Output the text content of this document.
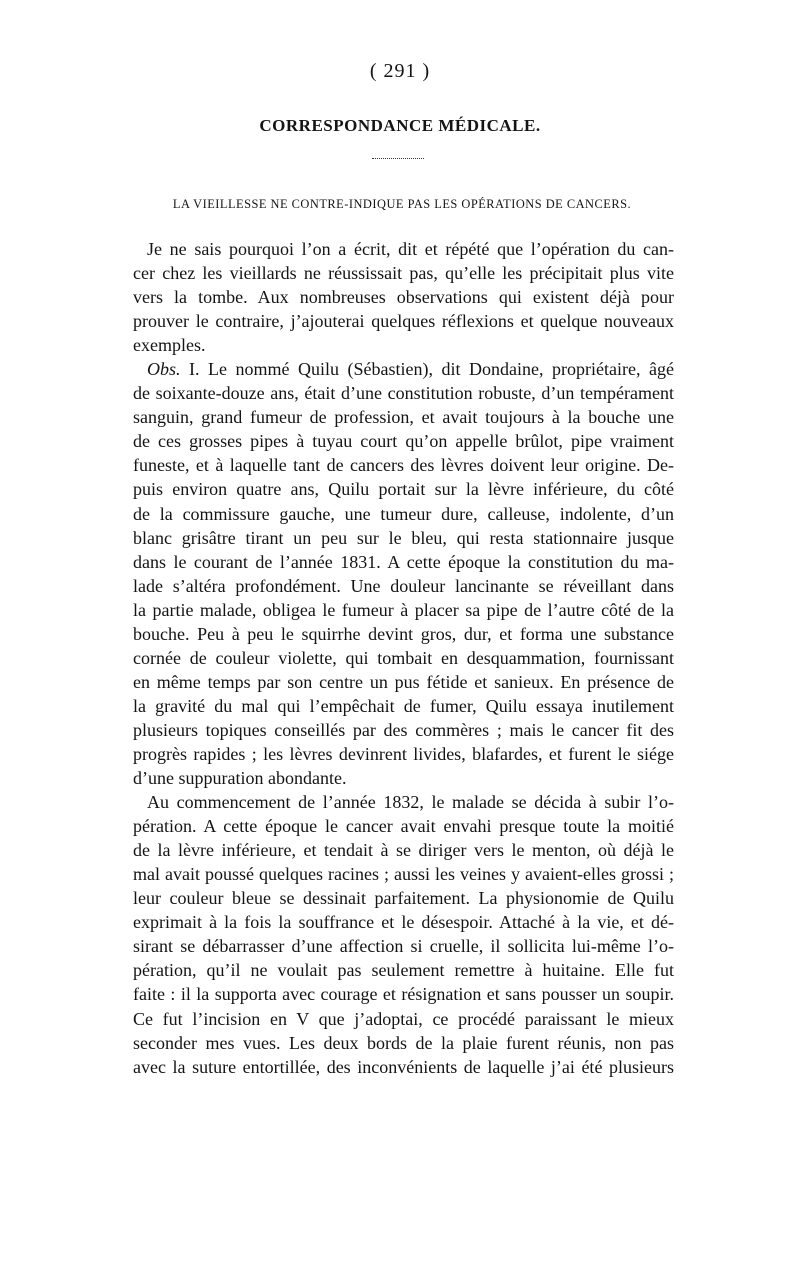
( 291 )
CORRESPONDANCE MÉDICALE.
LA VIEILLESSE NE CONTRE-INDIQUE PAS LES OPÉRATIONS DE CANCERS.
Je ne sais pourquoi l’on a écrit, dit et répété que l’opération du can-
cer chez les vieillards ne réussissait pas, qu’elle les précipitait plus vite
vers la tombe. Aux nombreuses observations qui existent déjà pour
prouver le contraire, j’ajouterai quelques réflexions et quelque nouveaux
exemples.
Obs. I. Le nommé Quilu (Sébastien), dit Dondaine, propriétaire, âgé
de soixante-douze ans, était d’une constitution robuste, d’un tempérament
sanguin, grand fumeur de profession, et avait toujours à la bouche une
de ces grosses pipes à tuyau court qu’on appelle brûlot, pipe vraiment
funeste, et à laquelle tant de cancers des lèvres doivent leur origine. De-
puis environ quatre ans, Quilu portait sur la lèvre inférieure, du côté
de la commissure gauche, une tumeur dure, calleuse, indolente, d’un
blanc grisâtre tirant un peu sur le bleu, qui resta stationnaire jusque
dans le courant de l’année 1831. A cette époque la constitution du ma-
lade s’altéra profondément. Une douleur lancinante se réveillant dans
la partie malade, obligea le fumeur à placer sa pipe de l’autre côté de la
bouche. Peu à peu le squirrhe devint gros, dur, et forma une substance
cornée de couleur violette, qui tombait en desquammation, fournissant
en même temps par son centre un pus fétide et sanieux. En présence de
la gravité du mal qui l’empêchait de fumer, Quilu essaya inutilement
plusieurs topiques conseillés par des commères ; mais le cancer fit des
progrès rapides ; les lèvres devinrent livides, blafardes, et furent le siége
d’une suppuration abondante.
Au commencement de l’année 1832, le malade se décida à subir l’o-
pération. A cette époque le cancer avait envahi presque toute la moitié
de la lèvre inférieure, et tendait à se diriger vers le menton, où déjà le
mal avait poussé quelques racines ; aussi les veines y avaient-elles grossi ;
leur couleur bleue se dessinait parfaitement. La physionomie de Quilu
exprimait à la fois la souffrance et le désespoir. Attaché à la vie, et dé-
sirant se débarrasser d’une affection si cruelle, il sollicita lui-même l’o-
pération, qu’il ne voulait pas seulement remettre à huitaine. Elle fut
faite : il la supporta avec courage et résignation et sans pousser un soupir.
Ce fut l’incision en V que j’adoptai, ce procédé paraissant le mieux
seconder mes vues. Les deux bords de la plaie furent réunis, non pas
avec la suture entortillée, des inconvénients de laquelle j’ai été plusieurs
